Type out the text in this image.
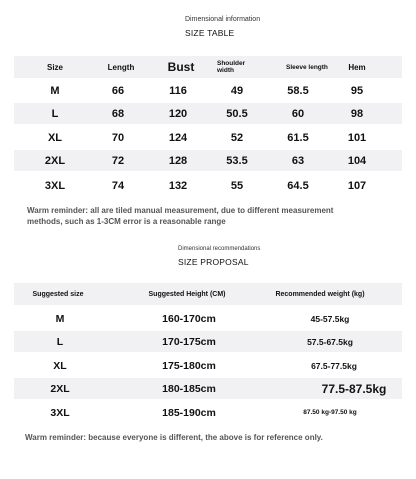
Dimensional information
SIZE TABLE
Size	Length	Bust	Shoulder width	Sleeve length	Hem
M	66	116	49	58.5	95
L	68	120	50.5	60	98
XL	70	124	52	61.5	101
2XL	72	128	53.5	63	104
3XL	74	132	55	64.5	107
Warm reminder: all are tiled manual measurement, due to different measurement
methods, such as 1-3CM error is a reasonable range
Dimensional recommendations
SIZE PROPOSAL
Suggested size	Suggested Height (CM)	Recommended weight (kg)
M	160-170cm	45-57.5kg
L	170-175cm	57.5-67.5kg
XL	175-180cm	67.5-77.5kg
2XL	180-185cm	77.5-87.5kg
3XL	185-190cm	87.50 kg-97.50 kg
Warm reminder: because everyone is different, the above is for reference only.
